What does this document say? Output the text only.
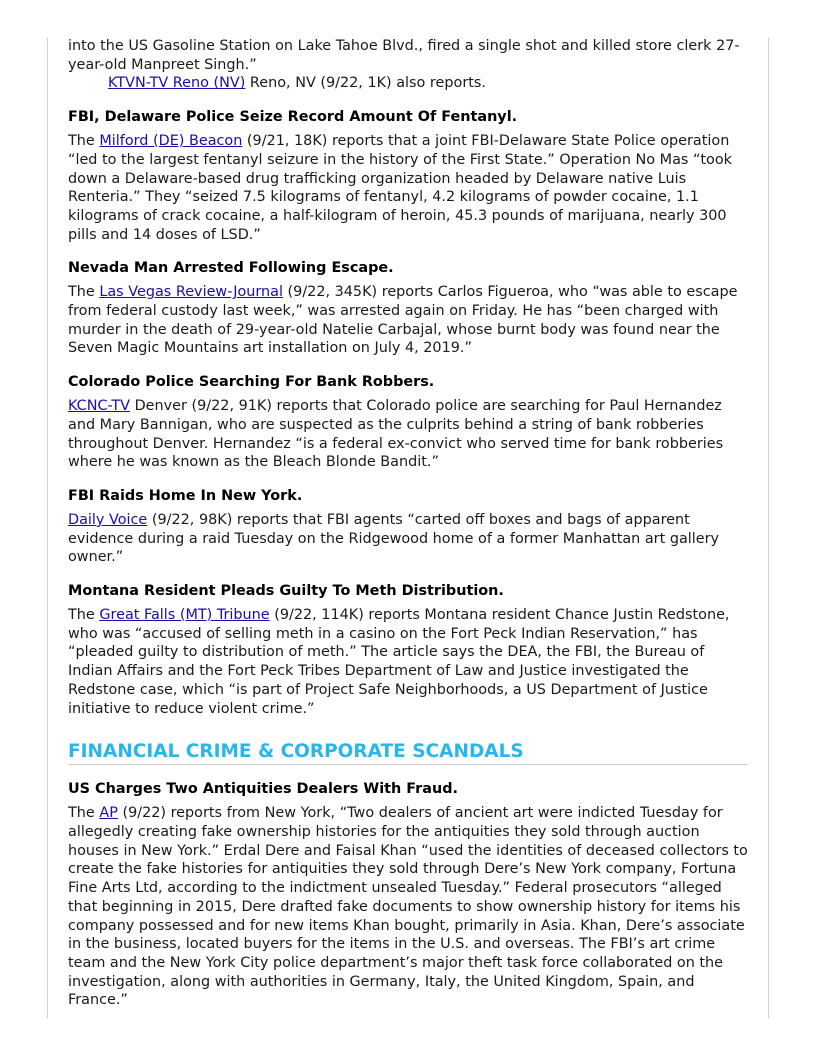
into the US Gasoline Station on Lake Tahoe Blvd., fired a single shot and killed store clerk 27-year-old Manpreet Singh.”

KTVN-TV Reno (NV) Reno, NV (9/22, 1K) also reports.

FBI, Delaware Police Seize Record Amount Of Fentanyl.

The Milford (DE) Beacon (9/21, 18K) reports that a joint FBI-Delaware State Police operation “led to the largest fentanyl seizure in the history of the First State.” Operation No Mas “took down a Delaware-based drug trafficking organization headed by Delaware native Luis Renteria.” They “seized 7.5 kilograms of fentanyl, 4.2 kilograms of powder cocaine, 1.1 kilograms of crack cocaine, a half-kilogram of heroin, 45.3 pounds of marijuana, nearly 300 pills and 14 doses of LSD.”

Nevada Man Arrested Following Escape.

The Las Vegas Review-Journal (9/22, 345K) reports Carlos Figueroa, who “was able to escape from federal custody last week,” was arrested again on Friday. He has “been charged with murder in the death of 29-year-old Natelie Carbajal, whose burnt body was found near the Seven Magic Mountains art installation on July 4, 2019.”

Colorado Police Searching For Bank Robbers.

KCNC-TV Denver (9/22, 91K) reports that Colorado police are searching for Paul Hernandez and Mary Bannigan, who are suspected as the culprits behind a string of bank robberies throughout Denver. Hernandez “is a federal ex-convict who served time for bank robberies where he was known as the Bleach Blonde Bandit.”

FBI Raids Home In New York.

Daily Voice (9/22, 98K) reports that FBI agents “carted off boxes and bags of apparent evidence during a raid Tuesday on the Ridgewood home of a former Manhattan art gallery owner.”

Montana Resident Pleads Guilty To Meth Distribution.

The Great Falls (MT) Tribune (9/22, 114K) reports Montana resident Chance Justin Redstone, who was “accused of selling meth in a casino on the Fort Peck Indian Reservation,” has “pleaded guilty to distribution of meth.” The article says the DEA, the FBI, the Bureau of Indian Affairs and the Fort Peck Tribes Department of Law and Justice investigated the Redstone case, which “is part of Project Safe Neighborhoods, a US Department of Justice initiative to reduce violent crime.”

FINANCIAL CRIME & CORPORATE SCANDALS
US Charges Two Antiquities Dealers With Fraud.

The AP (9/22) reports from New York, “Two dealers of ancient art were indicted Tuesday for allegedly creating fake ownership histories for the antiquities they sold through auction houses in New York.” Erdal Dere and Faisal Khan “used the identities of deceased collectors to create the fake histories for antiquities they sold through Dere’s New York company, Fortuna Fine Arts Ltd, according to the indictment unsealed Tuesday.” Federal prosecutors “alleged that beginning in 2015, Dere drafted fake documents to show ownership history for items his company possessed and for new items Khan bought, primarily in Asia. Khan, Dere’s associate in the business, located buyers for the items in the U.S. and overseas. The FBI’s art crime team and the New York City police department’s major theft task force collaborated on the investigation, along with authorities in Germany, Italy, the United Kingdom, Spain, and France.”
